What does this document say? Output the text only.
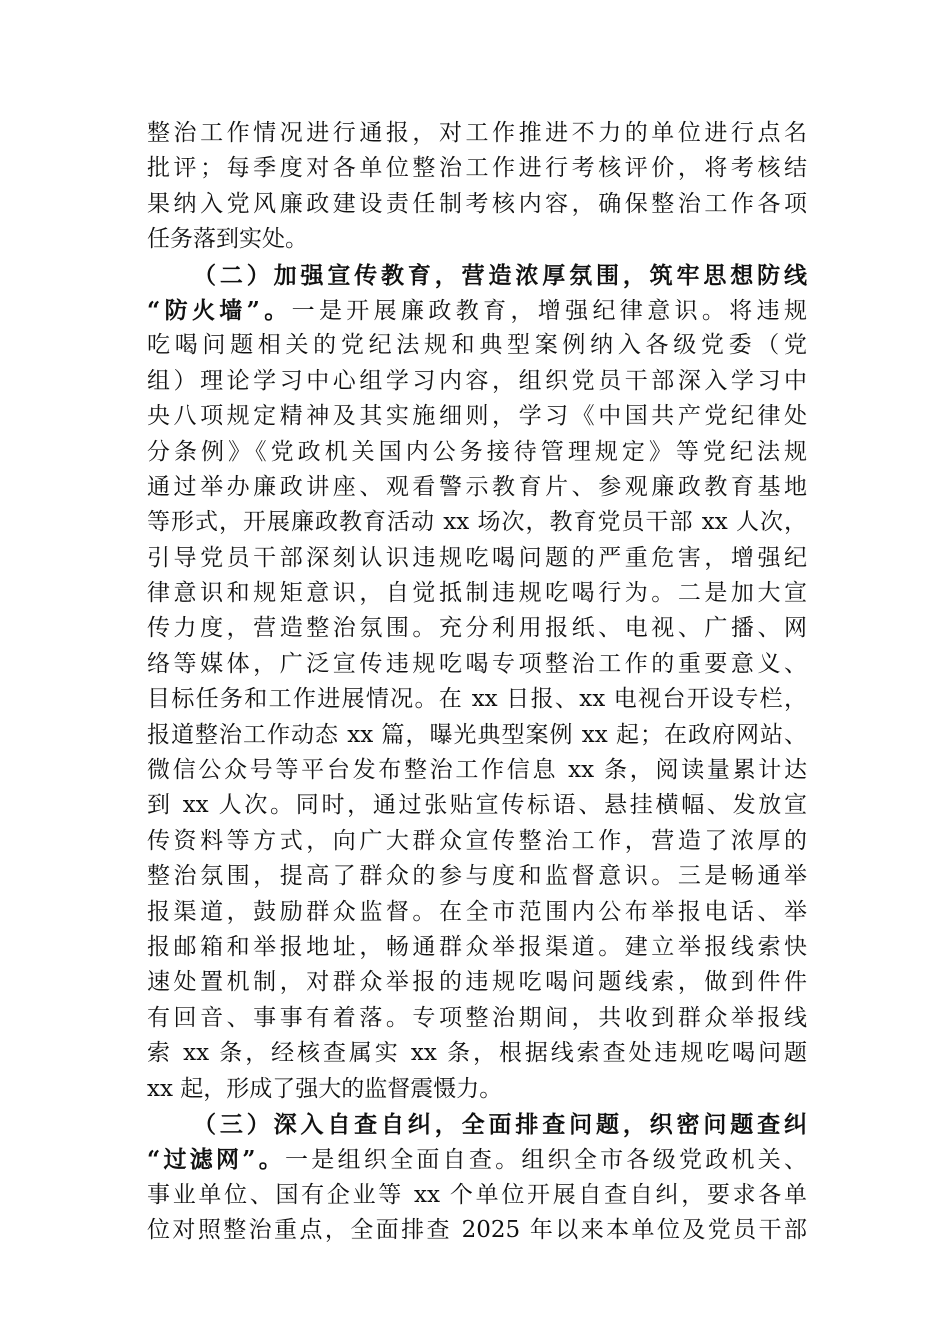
整治工作情况进行通报，对工作推进不力的单位进行点名
批评；每季度对各单位整治工作进行考核评价，将考核结
果纳入党风廉政建设责任制考核内容，确保整治工作各项
任务落到实处。
（二）加强宣传教育，营造浓厚氛围，筑牢思想防线
“防火墙”。一是开展廉政教育，增强纪律意识。将违规
吃喝问题相关的党纪法规和典型案例纳入各级党委（党
组）理论学习中心组学习内容，组织党员干部深入学习中
央八项规定精神及其实施细则，学习《中国共产党纪律处
分条例》《党政机关国内公务接待管理规定》等党纪法规
通过举办廉政讲座、观看警示教育片、参观廉政教育基地
等形式，开展廉政教育活动 xx 场次，教育党员干部 xx 人次，
引导党员干部深刻认识违规吃喝问题的严重危害，增强纪
律意识和规矩意识，自觉抵制违规吃喝行为。二是加大宣
传力度，营造整治氛围。充分利用报纸、电视、广播、网
络等媒体，广泛宣传违规吃喝专项整治工作的重要意义、
目标任务和工作进展情况。在 xx 日报、xx 电视台开设专栏，
报道整治工作动态 xx 篇，曝光典型案例 xx 起；在政府网站、
微信公众号等平台发布整治工作信息 xx 条，阅读量累计达
到 xx 人次。同时，通过张贴宣传标语、悬挂横幅、发放宣
传资料等方式，向广大群众宣传整治工作，营造了浓厚的
整治氛围，提高了群众的参与度和监督意识。三是畅通举
报渠道，鼓励群众监督。在全市范围内公布举报电话、举
报邮箱和举报地址，畅通群众举报渠道。建立举报线索快
速处置机制，对群众举报的违规吃喝问题线索，做到件件
有回音、事事有着落。专项整治期间，共收到群众举报线
索 xx 条，经核查属实 xx 条，根据线索查处违规吃喝问题
xx 起，形成了强大的监督震慑力。
（三）深入自查自纠，全面排查问题，织密问题查纠
“过滤网”。一是组织全面自查。组织全市各级党政机关、
事业单位、国有企业等 xx 个单位开展自查自纠，要求各单
位对照整治重点，全面排查 2025 年以来本单位及党员干部
